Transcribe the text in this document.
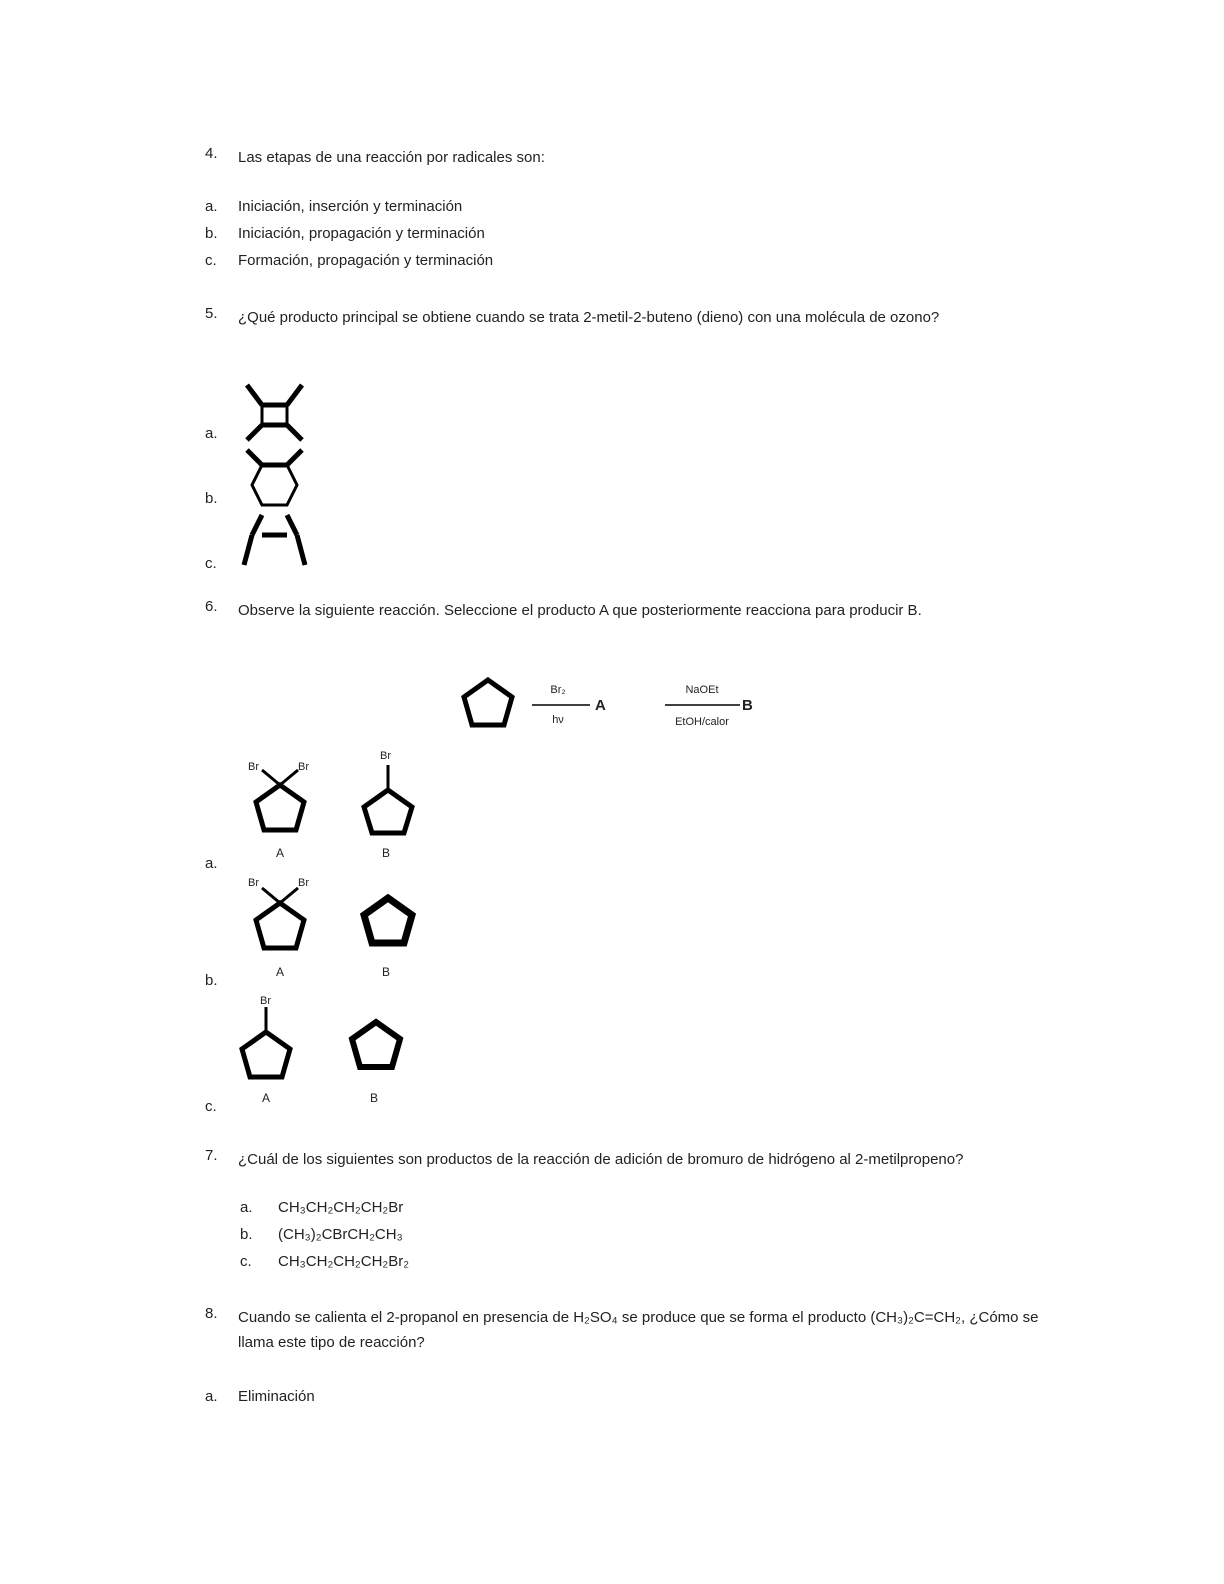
4.	Las etapas de una reacción por radicales son:
a.	Iniciación, inserción y terminación
b.	Iniciación, propagación y terminación
c.	Formación, propagación y terminación
5.	¿Qué producto principal se obtiene cuando se trata 2-metil-2-buteno (dieno) con una molécula de ozono?
a.
b.
c.
6.	Observe la siguiente reacción. Seleccione el producto A que posteriormente reacciona para producir B.
Br₂
hν
A
NaOEt
EtOH/calor
B
a.
b.
c.
Br	Br
A
Br
B
Br	Br
A	B
Br
A	B
7.	¿Cuál de los siguientes son productos de la reacción de adición de bromuro de hidrógeno al 2-metilpropeno?
a.	CH₃CH₂CH₂CH₂Br
b.	(CH₃)₂CBrCH₂CH₃
c.	CH₃CH₂CH₂CH₂Br₂
8.	Cuando se calienta el 2-propanol en presencia de H₂SO₄ se produce que se forma el producto (CH₃)₂C=CH₂, ¿Cómo se llama este tipo de reacción?
a.	Eliminación
